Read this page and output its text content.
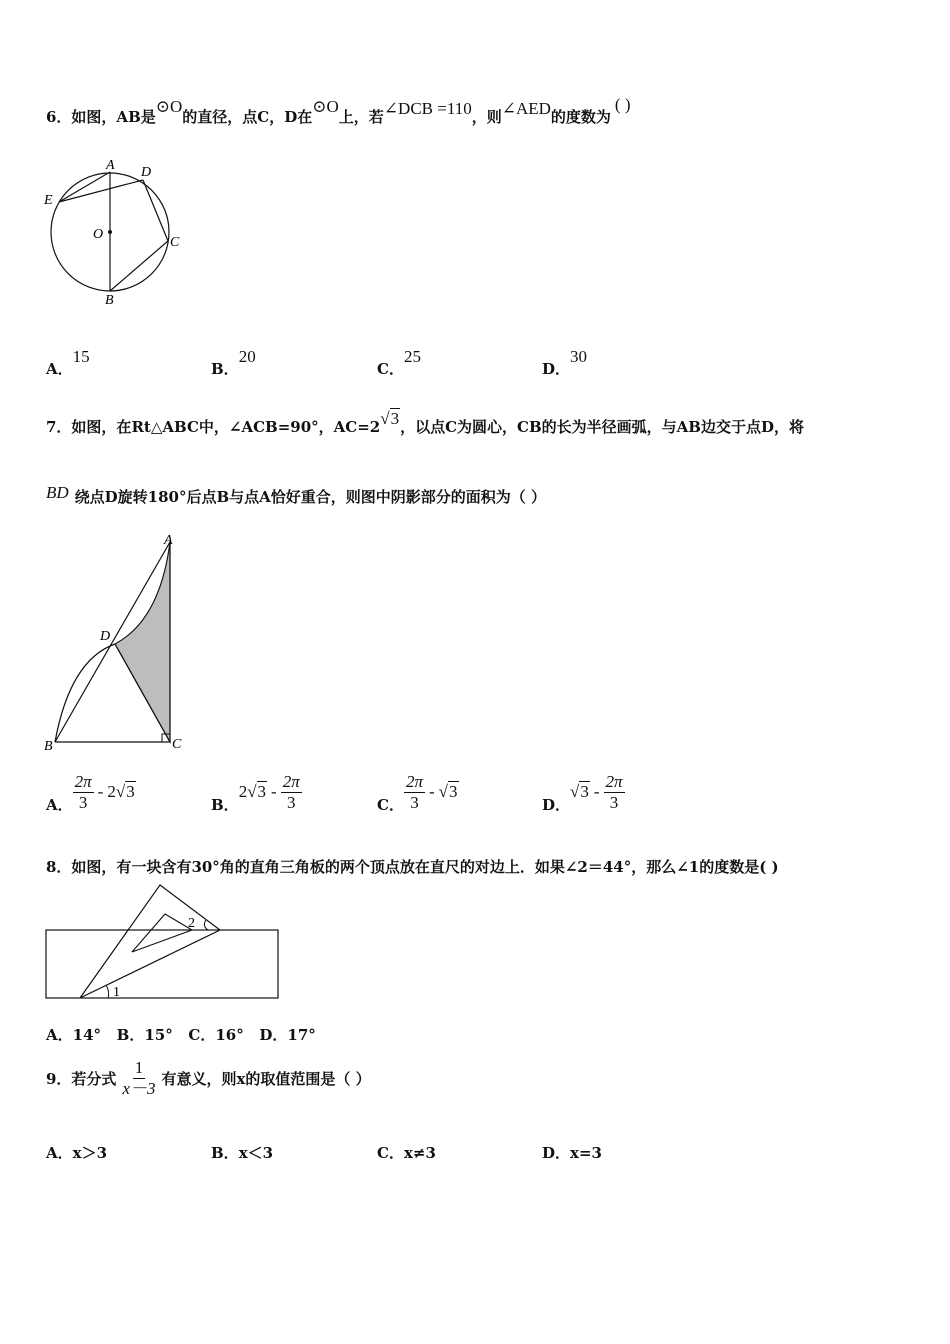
6．如图，AB是⊙O的直径，点C，D在⊙O上，若∠DCB =110，则∠AED的度数为( )
A D
E
O
C
B
A．15
B．20
C．25
D．30
7．如图，在Rt△ABC中，∠ACB=90°，AC=2√3，以点C为圆心，CB的长为半径画弧，与AB边交于点D，将
BD 绕点D旋转180°后点B与点A恰好重合，则图中阴影部分的面积为（ ）
A
D
B	C
A． $\frac{2\pi}{3} - 2$ √3
B．
2 $√3 - \frac{2\pi}{3}$	C． $\frac{2\pi}{3} - √3$
D．
$√3 - \frac{2\pi}{3}$
8．如图，有一块含有30°角的直角三角板的两个顶点放在直尺的对边上．如果∠2＝44°，那么∠1的度数是( )
2
1
A．14°   B．15°   C．16°   D．17°
9．若分式 $\frac{1}{x-3}$ 有意义，则x的取值范围是（ ）
A．x＞3	B．x＜3	C．x≠3	D．x=3
